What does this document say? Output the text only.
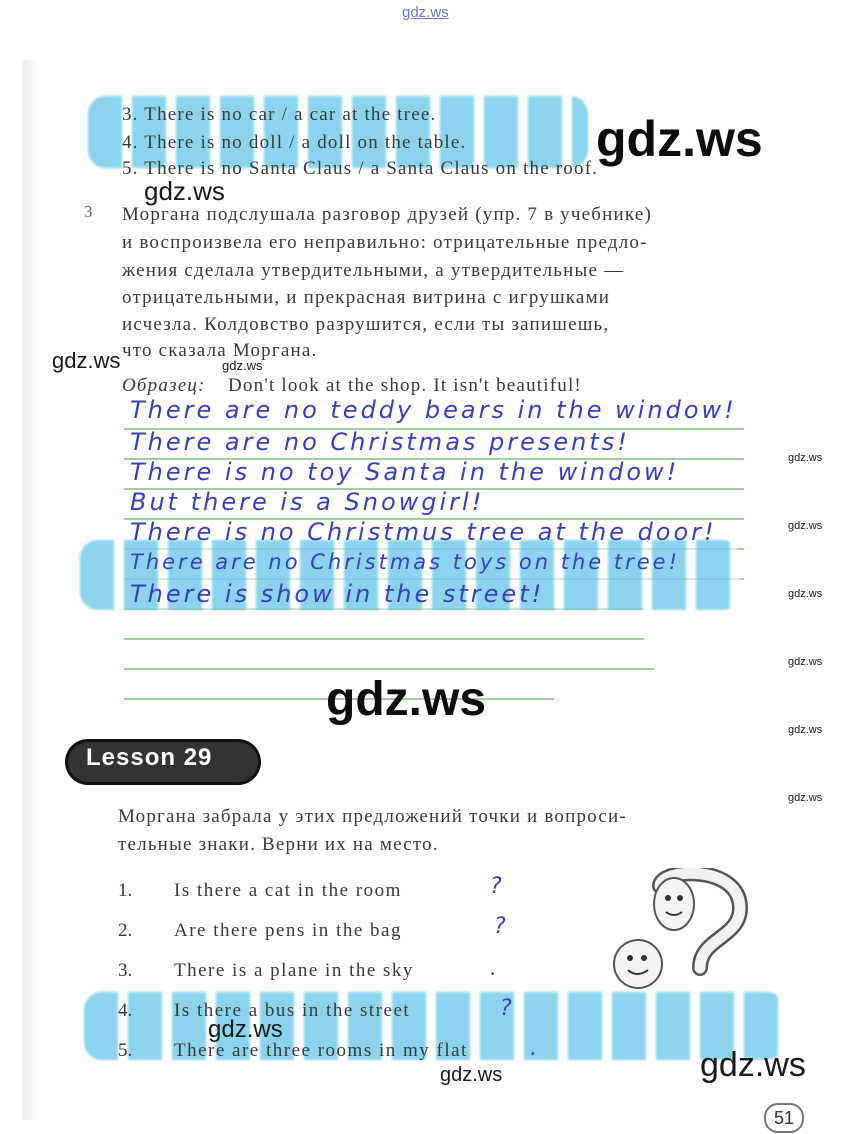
gdz.ws
3. There is no car / a car at the tree.
4. There is no doll / a doll on the table.
5. There is no Santa Claus / a Santa Claus on the roof.
gdz.ws
gdz.ws
3 Моргана подслушала разговор друзей (упр. 7 в учебнике)
и воспроизвела его неправильно: отрицательные предло-
жения сделала утвердительными, а утвердительные —
отрицательными, и прекрасная витрина с игрушками
исчезла. Колдовство разрушится, если ты запишешь,
что сказала Моргана.
gdz.ws	gdz.ws
Образец: Don't look at the shop. It isn't beautiful!
There are no teddy bears in the window!
There are no Christmas presents!
There is no toy Santa in the window!
But there is a Snowgirl!
There is no Christmus tree at the door!
There are no Christmas toys on the tree!
There is show in the street!
gdz.ws
gdz.ws
gdz.ws
gdz.ws
gdz.ws
gdz.ws
gdz.ws
Lesson 29
Моргана забрала у этих предложений точки и вопроси-
тельные знаки. Верни их на место.
1. Is there a cat in the room	?
2. Are there pens in the bag	?
3. There is a plane in the sky	.
4. Is there a bus in the street	?
5. There are three rooms in my flat	.
gdz.ws
gdz.ws
gdz.ws
51
